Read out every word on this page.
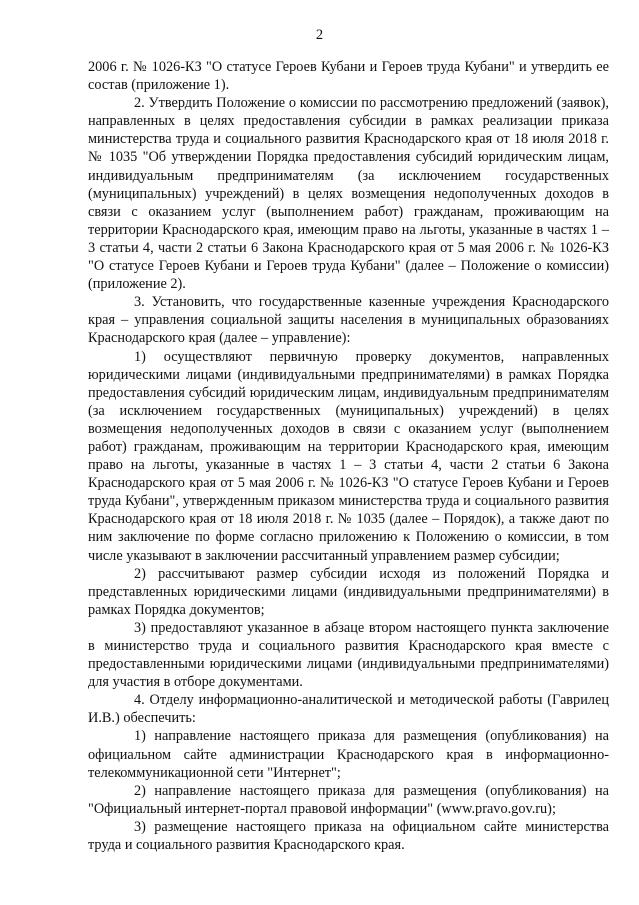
2

2006 г. № 1026-КЗ "О статусе Героев Кубани и Героев труда Кубани" и утвердить ее состав (приложение 1).

2. Утвердить Положение о комиссии по рассмотрению предложений (заявок), направленных в целях предоставления субсидии в рамках реализации приказа министерства труда и социального развития Краснодарского края от 18 июля 2018 г. № 1035 "Об утверждении Порядка предоставления субсидий юридическим лицам, индивидуальным предпринимателям (за исключением государственных (муниципальных) учреждений) в целях возмещения недополученных доходов в связи с оказанием услуг (выполнением работ) гражданам, проживающим на территории Краснодарского края, имеющим право на льготы, указанные в частях 1 – 3 статьи 4, части 2 статьи 6 Закона Краснодарского края от 5 мая 2006 г. № 1026-КЗ "О статусе Героев Кубани и Героев труда Кубани" (далее – Положение о комиссии) (приложение 2).

3. Установить, что государственные казенные учреждения Краснодарского края – управления социальной защиты населения в муниципальных образованиях Краснодарского края (далее – управление):

1) осуществляют первичную проверку документов, направленных юридическими лицами (индивидуальными предпринимателями) в рамках Порядка предоставления субсидий юридическим лицам, индивидуальным предпринимателям (за исключением государственных (муниципальных) учреждений) в целях возмещения недополученных доходов в связи с оказанием услуг (выполнением работ) гражданам, проживающим на территории Краснодарского края, имеющим право на льготы, указанные в частях 1 – 3 статьи 4, части 2 статьи 6 Закона Краснодарского края от 5 мая 2006 г. № 1026-КЗ "О статусе Героев Кубани и Героев труда Кубани", утвержденным приказом министерства труда и социального развития Краснодарского края от 18 июля 2018 г. № 1035 (далее – Порядок), а также дают по ним заключение по форме согласно приложению к Положению о комиссии, в том числе указывают в заключении рассчитанный управлением размер субсидии;

2) рассчитывают размер субсидии исходя из положений Порядка и представленных юридическими лицами (индивидуальными предпринимателями) в рамках Порядка документов;

3) предоставляют указанное в абзаце втором настоящего пункта заключение в министерство труда и социального развития Краснодарского края вместе с предоставленными юридическими лицами (индивидуальными предпринимателями) для участия в отборе документами.

4. Отделу информационно-аналитической и методической работы (Гаврилец И.В.) обеспечить:

1) направление настоящего приказа для размещения (опубликования) на официальном сайте администрации Краснодарского края в информационно-телекоммуникационной сети "Интернет";

2) направление настоящего приказа для размещения (опубликования) на "Официальный интернет-портал правовой информации" (www.pravo.gov.ru);

3) размещение настоящего приказа на официальном сайте министерства труда и социального развития Краснодарского края.
